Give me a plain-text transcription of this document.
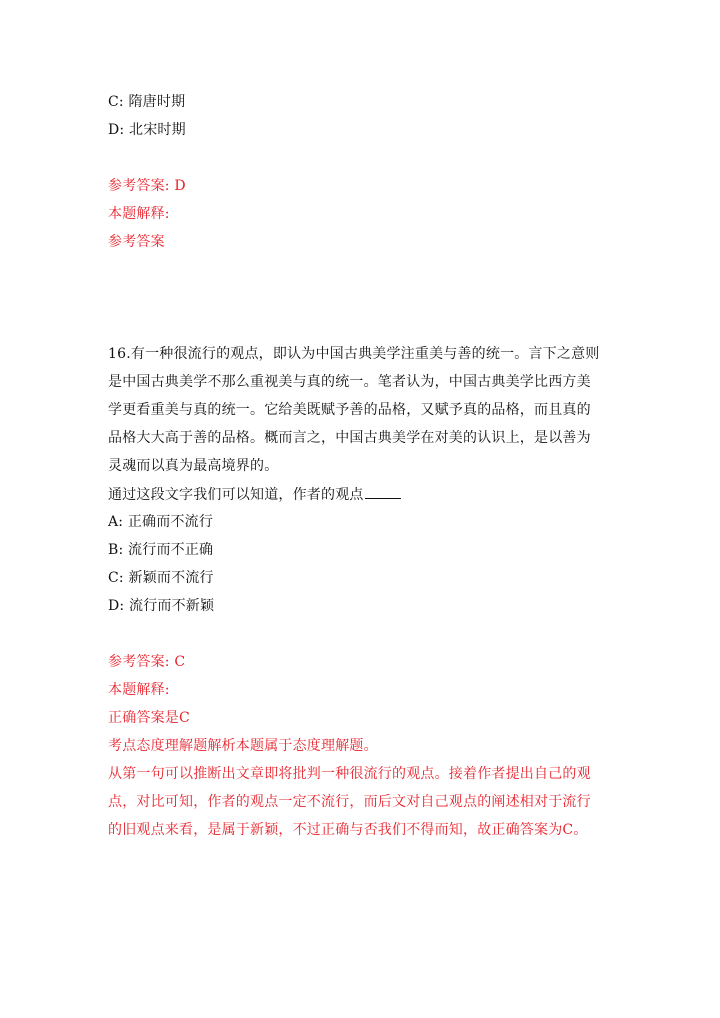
C: 隋唐时期
D: 北宋时期
参考答案: D
本题解释:
参考答案
16.有一种很流行的观点，即认为中国古典美学注重美与善的统一。言下之意则
是中国古典美学不那么重视美与真的统一。笔者认为，中国古典美学比西方美
学更看重美与真的统一。它给美既赋予善的品格，又赋予真的品格，而且真的
品格大大高于善的品格。概而言之，中国古典美学在对美的认识上，是以善为
灵魂而以真为最高境界的。
通过这段文字我们可以知道，作者的观点
A: 正确而不流行
B: 流行而不正确
C: 新颖而不流行
D: 流行而不新颖
参考答案: C
本题解释:
正确答案是C
考点态度理解题解析本题属于态度理解题。
从第一句可以推断出文章即将批判一种很流行的观点。接着作者提出自己的观
点，对比可知，作者的观点一定不流行，而后文对自己观点的阐述相对于流行
的旧观点来看，是属于新颖，不过正确与否我们不得而知，故正确答案为C。
